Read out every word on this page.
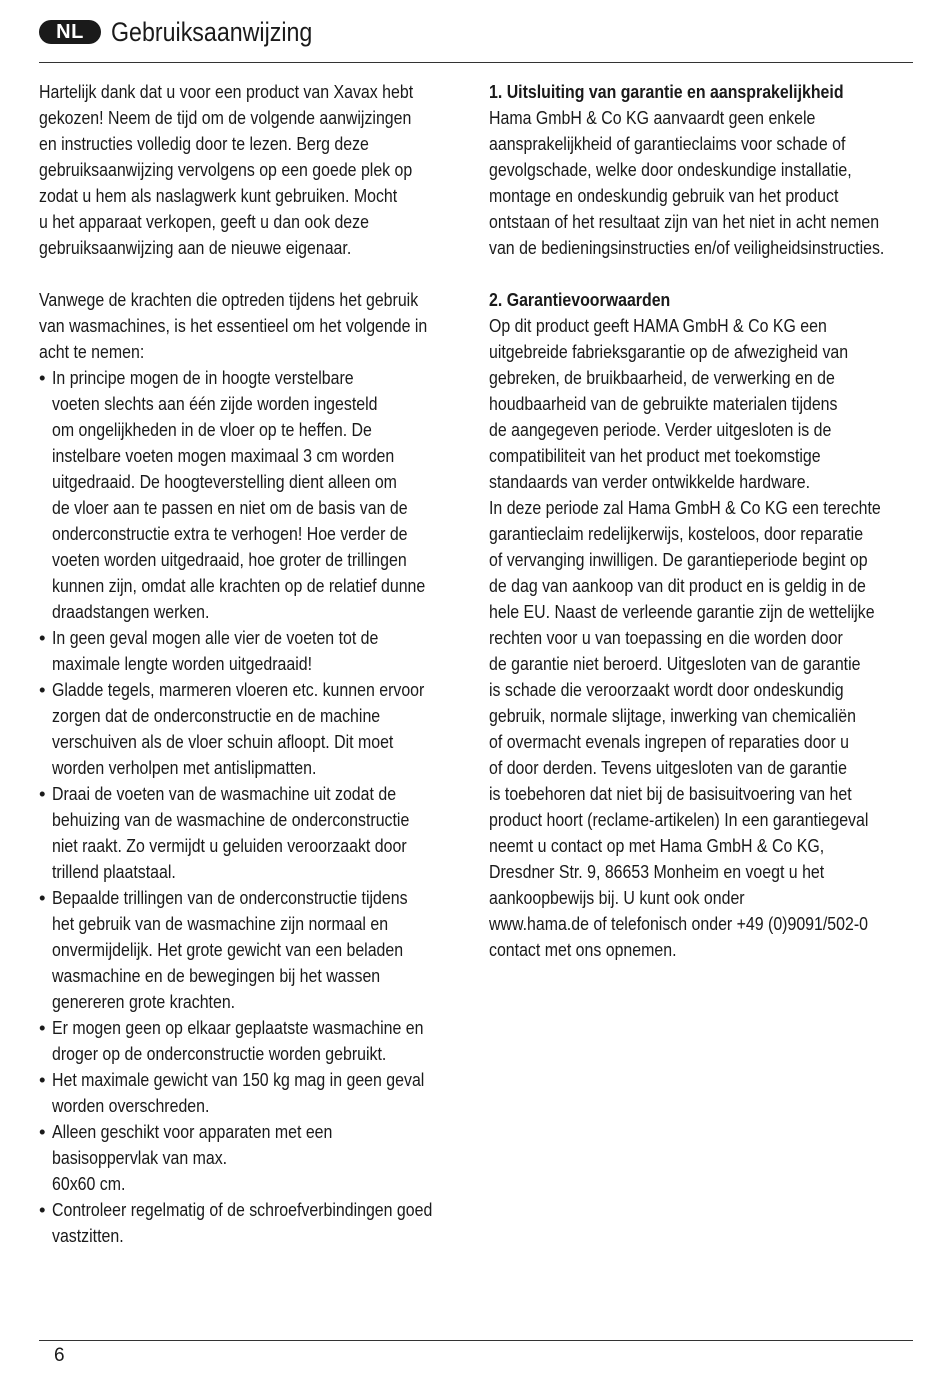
NL	Gebruiksaanwijzing
Hartelijk dank dat u voor een product van Xavax hebt
gekozen! Neem de tijd om de volgende aanwijzingen
en instructies volledig door te lezen. Berg deze
gebruiksaanwijzing vervolgens op een goede plek op
zodat u hem als naslagwerk kunt gebruiken. Mocht
u het apparaat verkopen, geeft u dan ook deze
gebruiksaanwijzing aan de nieuwe eigenaar.
Vanwege de krachten die optreden tijdens het gebruik
van wasmachines, is het essentieel om het volgende in
acht te nemen:
• In principe mogen de in hoogte verstelbare
voeten slechts aan één zijde worden ingesteld
om ongelijkheden in de vloer op te heffen. De
instelbare voeten mogen maximaal 3 cm worden
uitgedraaid. De hoogteverstelling dient alleen om
de vloer aan te passen en niet om de basis van de
onderconstructie extra te verhogen! Hoe verder de
voeten worden uitgedraaid, hoe groter de trillingen
kunnen zijn, omdat alle krachten op de relatief dunne
draadstangen werken.
• In geen geval mogen alle vier de voeten tot de
maximale lengte worden uitgedraaid!
• Gladde tegels, marmeren vloeren etc. kunnen ervoor
zorgen dat de onderconstructie en de machine
verschuiven als de vloer schuin afloopt. Dit moet
worden verholpen met antislipmatten.
• Draai de voeten van de wasmachine uit zodat de
behuizing van de wasmachine de onderconstructie
niet raakt. Zo vermijdt u geluiden veroorzaakt door
trillend plaatstaal.
• Bepaalde trillingen van de onderconstructie tijdens
het gebruik van de wasmachine zijn normaal en
onvermijdelijk. Het grote gewicht van een beladen
wasmachine en de bewegingen bij het wassen
genereren grote krachten.
• Er mogen geen op elkaar geplaatste wasmachine en
droger op de onderconstructie worden gebruikt.
• Het maximale gewicht van 150 kg mag in geen geval
worden overschreden.
• Alleen geschikt voor apparaten met een
basisoppervlak van max.
60x60 cm.
• Controleer regelmatig of de schroefverbindingen goed
vastzitten.
1. Uitsluiting van garantie en aansprakelijkheid
Hama GmbH & Co KG aanvaardt geen enkele
aansprakelijkheid of garantieclaims voor schade of
gevolgschade, welke door ondeskundige installatie,
montage en ondeskundig gebruik van het product
ontstaan of het resultaat zijn van het niet in acht nemen
van de bedieningsinstructies en/of veiligheidsinstructies.
2. Garantievoorwaarden
Op dit product geeft HAMA GmbH & Co KG een
uitgebreide fabrieksgarantie op de afwezigheid van
gebreken, de bruikbaarheid, de verwerking en de
houdbaarheid van de gebruikte materialen tijdens
de aangegeven periode. Verder uitgesloten is de
compatibiliteit van het product met toekomstige
standaards van verder ontwikkelde hardware.
In deze periode zal Hama GmbH & Co KG een terechte
garantieclaim redelijkerwijs, kosteloos, door reparatie
of vervanging inwilligen. De garantieperiode begint op
de dag van aankoop van dit product en is geldig in de
hele EU. Naast de verleende garantie zijn de wettelijke
rechten voor u van toepassing en die worden door
de garantie niet beroerd. Uitgesloten van de garantie
is schade die veroorzaakt wordt door ondeskundig
gebruik, normale slijtage, inwerking van chemicaliën
of overmacht evenals ingrepen of reparaties door u
of door derden. Tevens uitgesloten van de garantie
is toebehoren dat niet bij de basisuitvoering van het
product hoort (reclame-artikelen) In een garantiegeval
neemt u contact op met Hama GmbH & Co KG,
Dresdner Str. 9, 86653 Monheim en voegt u het
aankoopbewijs bij. U kunt ook onder
www.hama.de of telefonisch onder +49 (0)9091/502-0
contact met ons opnemen.
6
